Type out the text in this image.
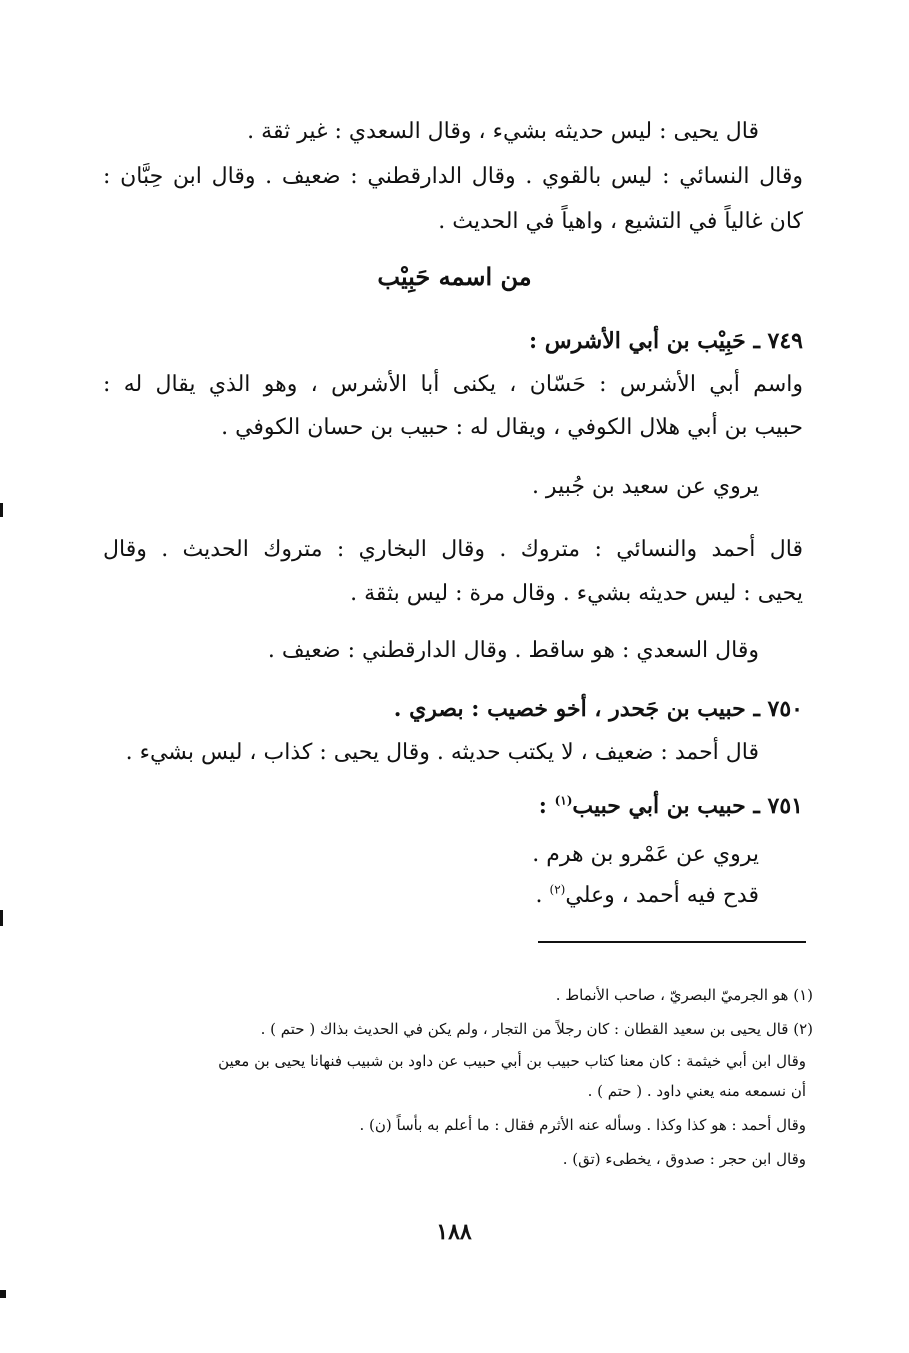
قال يحيى : ليس حديثه بشيء ، وقال السعدي : غير ثقة .
وقال النسائي : ليس بالقوي . وقال الدارقطني : ضعيف . وقال ابن حِبَّان :
كان غالياً في التشيع ، واهياً في الحديث .
من اسمه حَبِيْب
٧٤٩ ـ حَبِيْب بن أبي الأشرس :
واسم أبي الأشرس : حَسّان ، يكنى أبا الأشرس ، وهو الذي يقال له :
حبيب بن أبي هلال الكوفي ، ويقال له : حبيب بن حسان الكوفي .
يروي عن سعيد بن جُبير .
قال أحمد والنسائي : متروك . وقال البخاري : متروك الحديث . وقال
يحيى : ليس حديثه بشيء . وقال مرة : ليس بثقة .
وقال السعدي : هو ساقط . وقال الدارقطني : ضعيف .
٧٥٠ ـ حبيب بن جَحدر ، أخو خصيب : بصري .
قال أحمد : ضعيف ، لا يكتب حديثه . وقال يحيى : كذاب ، ليس بشيء .
٧٥١ ـ حبيب بن أبي حبيب$^{(١)}$ :
يروي عن عَمْرو بن هرم .
قدح فيه أحمد ، وعلي$^{(٢)}$ .
(١) هو الجرميّ البصريّ ، صاحب الأنماط .
(٢) قال يحيى بن سعيد القطان : كان رجلاً من التجار ، ولم يكن في الحديث بذاك ( حتم ) .
وقال ابن أبي خيثمة : كان معنا كتاب حبيب بن أبي حبيب عن داود بن شبيب فنهانا يحيى بن معين
أن نسمعه منه يعني داود . ( حتم ) .
وقال أحمد : هو كذا وكذا . وسأله عنه الأثرم فقال : ما أعلم به بأساً (ن) .
وقال ابن حجر : صدوق ، يخطىء (تق) .
١٨٨
